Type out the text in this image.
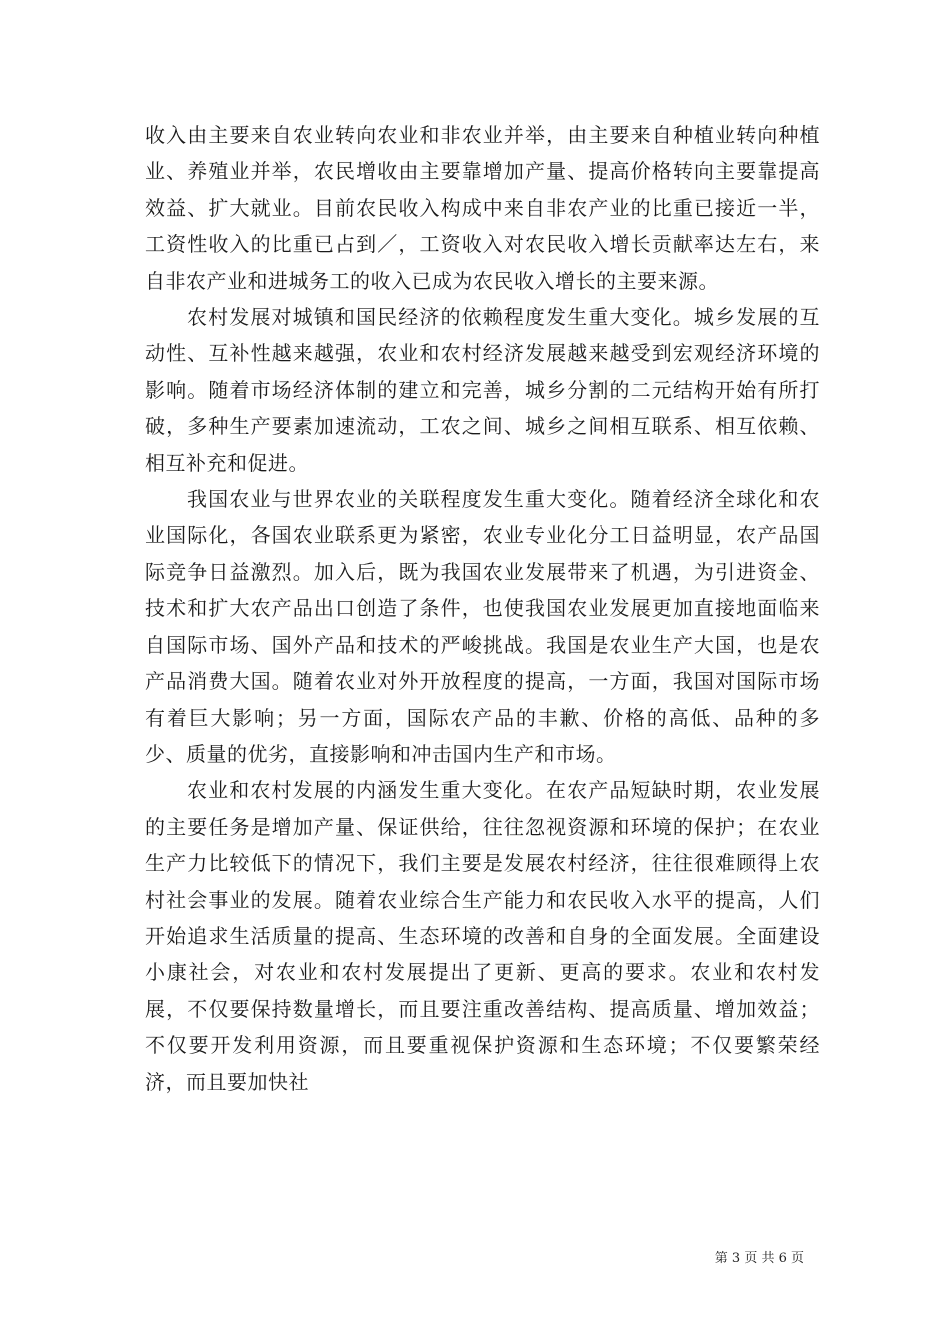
收入由主要来自农业转向农业和非农业并举，由主要来自种植业转向种植业、养殖业并举，农民增收由主要靠增加产量、提高价格转向主要靠提高效益、扩大就业。目前农民收入构成中来自非农产业的比重已接近一半，工资性收入的比重已占到／，工资收入对农民收入增长贡献率达左右，来自非农产业和进城务工的收入已成为农民收入增长的主要来源。

农村发展对城镇和国民经济的依赖程度发生重大变化。城乡发展的互动性、互补性越来越强，农业和农村经济发展越来越受到宏观经济环境的影响。随着市场经济体制的建立和完善，城乡分割的二元结构开始有所打破，多种生产要素加速流动，工农之间、城乡之间相互联系、相互依赖、相互补充和促进。

我国农业与世界农业的关联程度发生重大变化。随着经济全球化和农业国际化，各国农业联系更为紧密，农业专业化分工日益明显，农产品国际竞争日益激烈。加入后，既为我国农业发展带来了机遇，为引进资金、技术和扩大农产品出口创造了条件，也使我国农业发展更加直接地面临来自国际市场、国外产品和技术的严峻挑战。我国是农业生产大国，也是农产品消费大国。随着农业对外开放程度的提高，一方面，我国对国际市场有着巨大影响；另一方面，国际农产品的丰歉、价格的高低、品种的多少、质量的优劣，直接影响和冲击国内生产和市场。

农业和农村发展的内涵发生重大变化。在农产品短缺时期，农业发展的主要任务是增加产量、保证供给，往往忽视资源和环境的保护；在农业生产力比较低下的情况下，我们主要是发展农村经济，往往很难顾得上农村社会事业的发展。随着农业综合生产能力和农民收入水平的提高，人们开始追求生活质量的提高、生态环境的改善和自身的全面发展。全面建设小康社会，对农业和农村发展提出了更新、更高的要求。农业和农村发展，不仅要保持数量增长，而且要注重改善结构、提高质量、增加效益；不仅要开发利用资源，而且要重视保护资源和生态环境；不仅要繁荣经济，而且要加快社

第 3 页 共 6 页
